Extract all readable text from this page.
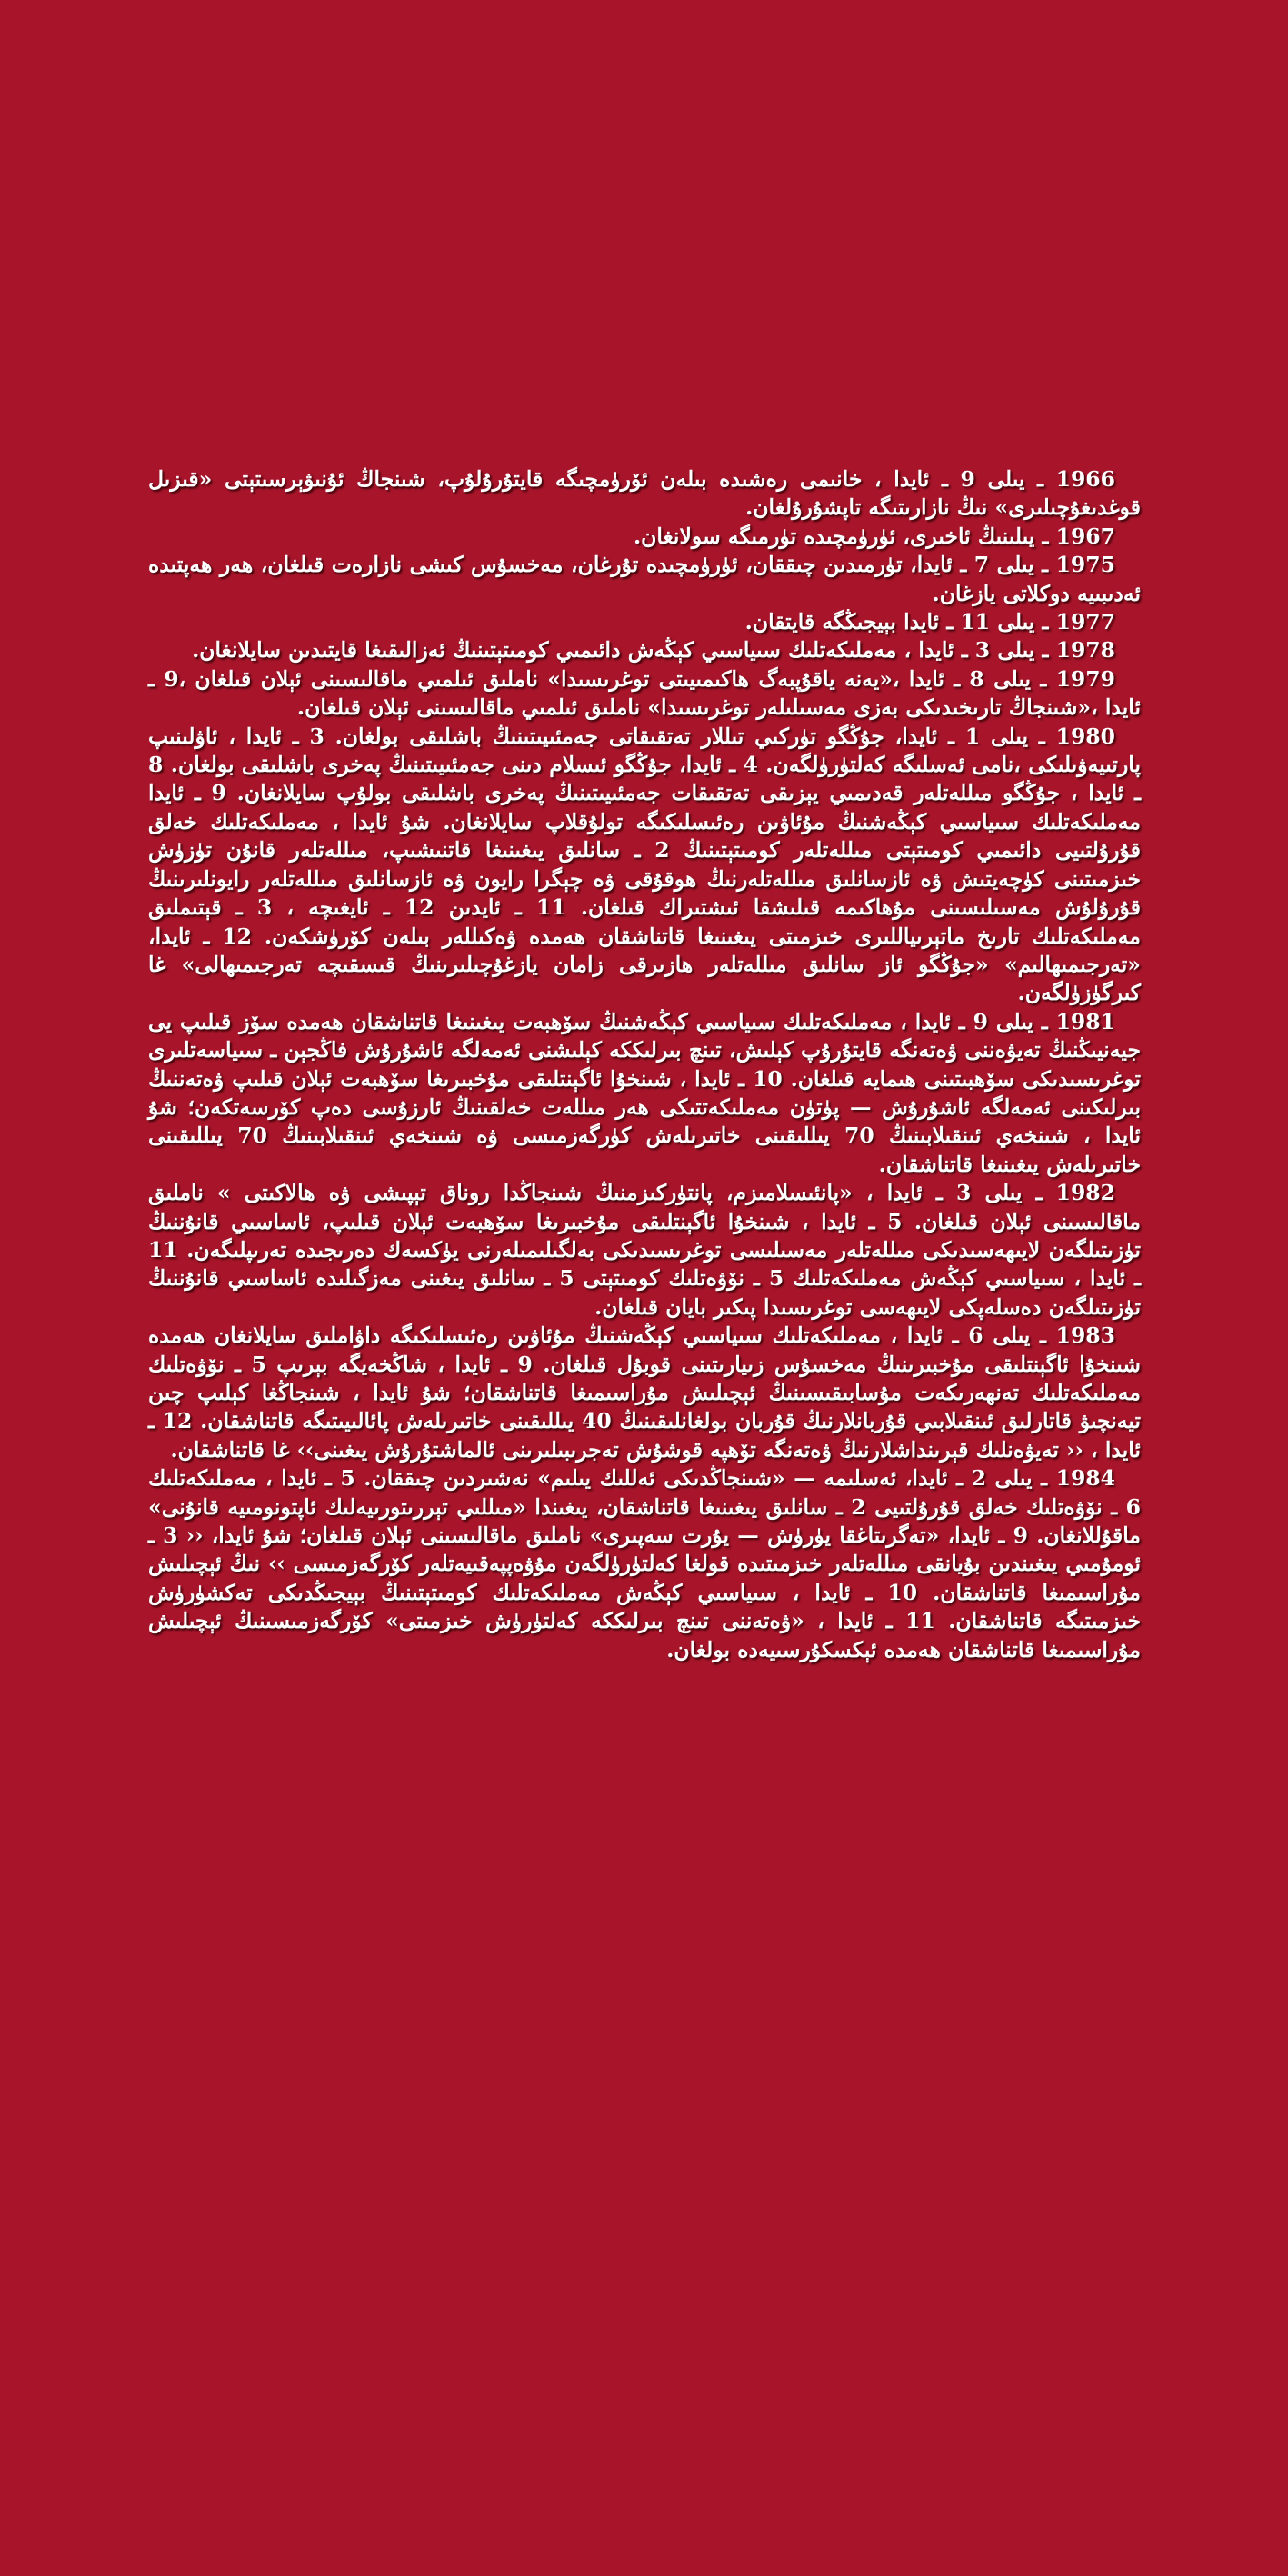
1966 ـ يىلى 9 ـ ئايدا ، خانىمى رەشىدە بىلەن ئۆرۈمچىگە قايتۇرۇلۇپ، شىنجاڭ ئۇنىۋېرسىتېتى «قىزىل قوغدىغۇچىلىرى» نىڭ نازارىتىگە تاپشۇرۇلغان.

1967 ـ يىلىنىڭ ئاخىرى، ئۈرۈمچىدە تۈرمىگە سولانغان.

1975 ـ يىلى 7 ـ ئايدا، تۈرمىدىن چىققان، ئۈرۈمچىدە تۇرغان، مەخسۇس كىشى نازارەت قىلغان، ھەر ھەپتىدە ئەدىبىيە دوكلاتى يازغان.

1977 ـ يىلى 11 ـ ئايدا بېيجىڭگە قايتقان.

1978 ـ يىلى 3 ـ ئايدا ، مەملىكەتلىك سىياسىي كېڭەش دائىمىي كومىتېتىنىڭ ئەزالىقىغا قايتىدىن سايلانغان.

1979 ـ يىلى 8 ـ ئايدا ،«يەنە ياقۇپبەگ ھاكىمىيىتى توغرىسىدا» ناملىق ئىلمىي ماقالىسىنى ئېلان قىلغان ،9 ـ ئايدا ،«شىنجاڭ تارىخىدىكى بەزى مەسىلىلەر توغرىسىدا» ناملىق ئىلمىي ماقالىسىنى ئېلان قىلغان.

1980 ـ يىلى 1 ـ ئايدا، جۇڭگو تۈركىي تىللار تەتقىقاتى جەمئىيىتىنىڭ باشلىقى بولغان. 3 ـ ئايدا ، ئاۋلىنىپ پارتىيەۋىلىكى ،نامى ئەسلىگە كەلتۈرۈلگەن. 4 ـ ئايدا، جۇڭگو ئىسلام دىنى جەمئىيىتىنىڭ پەخرى باشلىقى بولغان. 8 ـ ئايدا ، جۇڭگو مىللەتلەر قەدىمىي يېزىقى تەتقىقات جەمئىيىتىنىڭ پەخرى باشلىقى بولۇپ سايلانغان. 9 ـ ئايدا مەملىكەتلىك سىياسىي كېڭەشنىڭ مۇئاۋىن رەئىسلىكىگە تولۇقلاپ سايلانغان. شۇ ئايدا ، مەملىكەتلىك خەلق قۇرۇلتىيى دائىمىي كومىتېتى مىللەتلەر كومىتېتىنىڭ 2 ـ سانلىق يىغىنىغا قاتنىشىپ، مىللەتلەر قانۇن تۈزۈش خىزمىتىنى كۈچەيتىش ۋە ئازسانلىق مىللەتلەرنىڭ ھوقۇقى ۋە چېگرا رايون ۋە ئازسانلىق مىللەتلەر رايونلىرىنىڭ قۇرۇلۇش مەسىلىسىنى مۇھاكىمە قىلىشقا ئىشتىراك قىلغان. 11 ـ ئايدىن 12 ـ ئايغىچە ، 3 ـ قېتىملىق مەملىكەتلىك تارىخ ماتېرىياللىرى خىزمىتى يىغىنىغا قاتناشقان ھەمدە ۋەكىللەر بىلەن كۆرۈشكەن. 12 ـ ئايدا، «تەرجىمىھالىم» «جۇڭگو ئاز سانلىق مىللەتلەر ھازىرقى زامان يازغۇچىلىرىنىڭ قىسقىچە تەرجىمىھالى» غا كىرگۈزۈلگەن.

1981 ـ يىلى 9 ـ ئايدا ، مەملىكەتلىك سىياسىي كېڭەشنىڭ سۆھبەت يىغىنىغا قاتناشقان ھەمدە سۆز قىلىپ يى جيەنيىڭنىڭ تەيۋەننى ۋەتەنگە قايتۇرۇپ كېلىش، تىنچ بىرلىككە كېلىشنى ئەمەلگە ئاشۇرۇش فاڭجېن ـ سىياسەتلىرى توغرىسىدىكى سۆھبىتىنى ھىمايە قىلغان. 10 ـ ئايدا ، شىنخۇا ئاگېنتلىقى مۇخبىرىغا سۆھبەت ئېلان قىلىپ ۋەتەننىڭ بىرلىكىنى ئەمەلگە ئاشۇرۇش — پۈتۈن مەملىكەتتىكى ھەر مىللەت خەلقىنىڭ ئارزۇسى دەپ كۆرسەتكەن؛ شۇ ئايدا ، شىنخەي ئىنقىلابىنىڭ 70 يىللىقىنى خاتىرىلەش كۈرگەزمىسى ۋە شىنخەي ئىنقىلابىنىڭ 70 يىللىقىنى خاتىرىلەش يىغىنىغا قاتناشقان.

1982 ـ يىلى 3 ـ ئايدا ، «پانئىسلامىزم، پانتۈركىزمنىڭ شىنجاڭدا روناق تېپىشى ۋە ھالاكىتى » ناملىق ماقالىسىنى ئېلان قىلغان. 5 ـ ئايدا ، شىنخۇا ئاگېنتلىقى مۇخبىرىغا سۆھبەت ئېلان قىلىپ، ئاساسىي قانۇننىڭ تۈزىتىلگەن لايىھەسىدىكى مىللەتلەر مەسىلىسى توغرىسىدىكى بەلگىلىمىلەرنى يۈكسەك دەرىجىدە تەرىپلىگەن. 11 ـ ئايدا ، سىياسىي كېڭەش مەملىكەتلىك 5 ـ نۆۋەتلىك كومىتېتى 5 ـ سانلىق يىغىنى مەزگىلىدە ئاساسىي قانۇننىڭ تۈزىتىلگەن دەسلەپكى لايىھەسى توغرىسىدا پىكىر بايان قىلغان.

1983 ـ يىلى 6 ـ ئايدا ، مەملىكەتلىك سىياسىي كېڭەشنىڭ مۇئاۋىن رەئىسلىكىگە داۋاملىق سايلانغان ھەمدە شىنخۇا ئاگېنتلىقى مۇخبىرىنىڭ مەخسۇس زىيارىتىنى قوبۇل قىلغان. 9 ـ ئايدا ، شاڭخەيگە بېرىپ 5 ـ نۆۋەتلىك مەملىكەتلىك تەنھەرىكەت مۇسابىقىسىنىڭ ئېچىلىش مۇراسىمىغا قاتناشقان؛ شۇ ئايدا ، شىنجاڭغا كېلىپ چىن تيەنچىۋ قاتارلىق ئىنقىلابىي قۇربانلارنىڭ قۇربان بولغانلىقىنىڭ 40 يىللىقىنى خاتىرىلەش پائالىيىتىگە قاتناشقان. 12 ـ ئايدا ، ‹‹ تەيۋەنلىك قېرىنداشلارنىڭ ۋەتەنگە تۆھپە قوشۇش تەجرىبىلىرىنى ئالماشتۇرۇش يىغىنى›› غا قاتناشقان.

1984 ـ يىلى 2 ـ ئايدا، ئەسلىمە — «شىنجاڭدىكى ئەللىك يىلىم» نەشىردىن چىققان. 5 ـ ئايدا ، مەملىكەتلىك 6 ـ نۆۋەتلىك خەلق قۇرۇلتىيى 2 ـ سانلىق يىغىنىغا قاتناشقان، يىغىندا «مىللىي تېررىتورىيەلىك ئاپتونومىيە قانۇنى» ماقۇللانغان. 9 ـ ئايدا، «تەگرىتاغقا يۈرۈش — يۇرت سەپىرى» ناملىق ماقالىسىنى ئېلان قىلغان؛ شۇ ئايدا، ‹‹ 3 ـ ئومۇمىي يىغىندىن بۇيانقى مىللەتلەر خىزمىتىدە قولغا كەلتۈرۈلگەن مۇۋەپپەقىيەتلەر كۆرگەزمىسى ›› نىڭ ئېچىلىش مۇراسىمىغا قاتناشقان. 10 ـ ئايدا ، سىياسىي كېڭەش مەملىكەتلىك كومىتېتىنىڭ بېيجىڭدىكى تەكشۈرۈش خىزمىتىگە قاتناشقان. 11 ـ ئايدا ، «ۋەتەننى تىنچ بىرلىككە كەلتۈرۈش خىزمىتى» كۆرگەزمىسىنىڭ ئېچىلىش مۇراسىمىغا قاتناشقان ھەمدە ئېكسكۇرسىيەدە بولغان.
